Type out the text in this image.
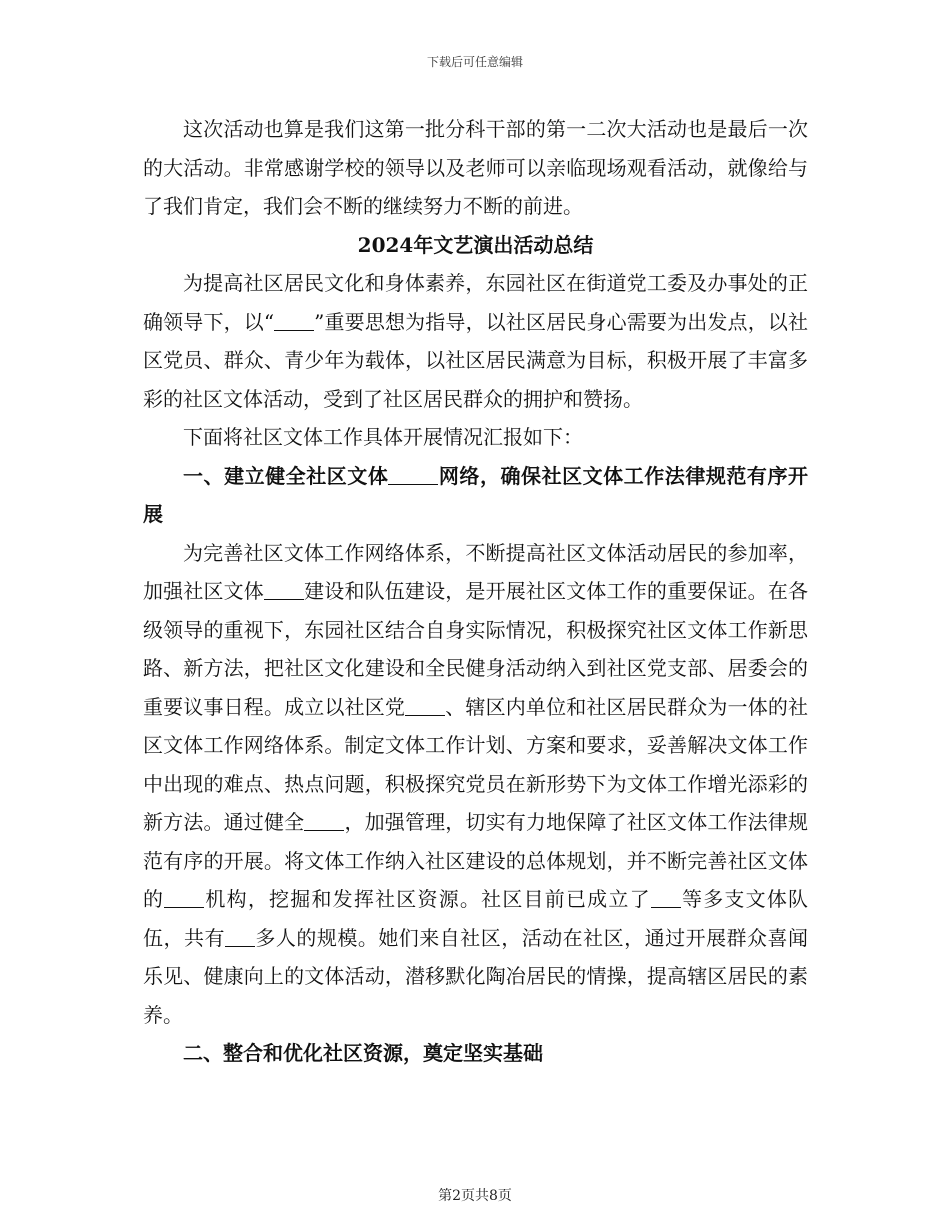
下载后可任意编辑

这次活动也算是我们这第一批分科干部的第一二次大活动也是最后一次的大活动。非常感谢学校的领导以及老师可以亲临现场观看活动，就像给与了我们肯定，我们会不断的继续努力不断的前进。

2024年文艺演出活动总结

为提高社区居民文化和身体素养，东园社区在街道党工委及办事处的正确领导下，以“ ”重要思想为指导，以社区居民身心需要为出发点，以社区党员、群众、青少年为载体，以社区居民满意为目标，积极开展了丰富多彩的社区文体活动，受到了社区居民群众的拥护和赞扬。

下面将社区文体工作具体开展情况汇报如下：

一、建立健全社区文体	网络，确保社区文体工作法律规范有序开展

为完善社区文体工作网络体系，不断提高社区文体活动居民的参加率，加强社区文体 建设和队伍建设，是开展社区文体工作的重要保证。在各级领导的重视下，东园社区结合自身实际情况，积极探究社区文体工作新思路、新方法，把社区文化建设和全民健身活动纳入到社区党支部、居委会的重要议事日程。成立以社区党 、辖区内单位和社区居民群众为一体的社区文体工作网络体系。制定文体工作计划、方案和要求，妥善解决文体工作中出现的难点、热点问题，积极探究党员在新形势下为文体工作增光添彩的新方法。通过健全 ，加强管理，切实有力地保障了社区文体工作法律规范有序的开展。将文体工作纳入社区建设的总体规划，并不断完善社区文体的 机构，挖掘和发挥社区资源。社区目前已成立了 等多支文体队伍，共有 多人的规模。她们来自社区，活动在社区，通过开展群众喜闻乐见、健康向上的文体活动，潜移默化陶冶居民的情操，提高辖区居民的素养。

二、整合和优化社区资源，奠定坚实基础
第2页共8页
